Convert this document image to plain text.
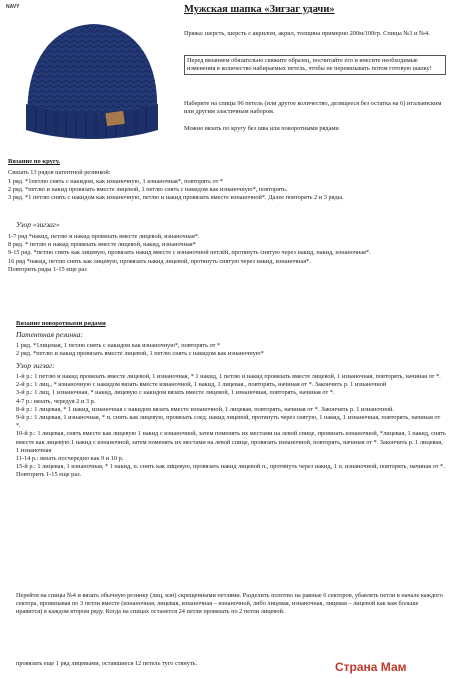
NAVY	Мужская шапка «Зигзаг удачи»

Пряжа: шерсть, шерсть с акрилом, акрил, толщина примерно 200м/100гр. Спицы №3 и №4.

Перед вязанием обязательно свяжите образец, посчитайте его и внесите необходимые изменения в количество набираемых петель, чтобы не перевязывать потом готовую шапку!

Наберите на спицы 96 петель (или другое количество, делящееся без остатка на 6) итальянским или другим эластичным набором.

Можно вязать по кругу без шва или поворотными рядами

Вязание по кругу.

Связать 13 рядов патентной резинкой:

1 ряд. *1петлю снять с накидом, как изнаночную, 1 изнаночная*, повторять от *
2 ряд. *петлю и накид провязать вместе лицевой, 1 петлю снять с накидом как изнаночную*, повторять.
3 ряд. *1 петлю снять с накидом как изнаночную, петлю и накид провязать вместе изнаночной*. Далее повторять 2 и 3 ряды.

Узор «зигзаг»

1-7 ряд *накид, петлю и накид провязать вместе лицевой, изнаночная*.
8 ряд. * петлю и накид провязать вместе лицевой, накид, изнаночная*
9-15 ряд. *петлю снять как лицевую, провязать накид вместе с изнаночной петлёй, протянуть снятую через накид, накид, изнаночная*.
16 ряд *накид, петлю снять как лицевую, провязать накид лицевой, протянуть снятую через накид, изнаночная*.
Повторить ряды 1-15 еще раз

Вязание поворотными рядами
Патентная резинка:

1 ряд. *1лицевая, 1 петлю снять с накидом как изнаночную*, повторять от *
2 ряд. *петлю и накид провязать вместе лицевой, 1 петлю снять с накидом как изнаночную*

Узор зигзаг:

1-й р.: 1 петлю и накид провязать вместе лицевой, 1 изнаночная, * 1 накид, 1 петлю и накид провязать вместе лицевой, 1 изнаночная, повторять, начиная от *.
2-й р.: 1 лиц., * изнаночную с накидом вязать вместе изнаночной, 1 накид, 1 лицевая., повторять, начиная от *. Закончить р. 1 изнаночной
3-й р.: 1 лиц, 1 изнаночная, * накид, лицевую с накидом вязать вместе лицевой, 1 изнаночная, повторять, начиная от *.
4-7 р.: вязать, чередуя 2 и 3 р.
8-й р.: 1 лицевая, * 1 накид, изнаночная с накидом вязать вместе изнаночной, 1 лицевая, повторять, начиная от *. Закончить р. 1 изнаночной.
9-й р.: 1 лицевая, 1 изнаночная, * п. снять как лицевую, провязать след. накид лицевой, протянуть через снятую, 1 накид, 1 изнаночная, повторять, начиная от *.
10-й р.: 1 лицевая, снять вместе как лицевую 1 накид с изнаночной, затем поменять их местами на левой спице, провязать изнаночной, *лицевая, 1 накид, снять вместе как лицевую 1 накид с изнаночной, затем поменять их местами на левой спице, провязать изнаночной, повторять, начиная от *. Закончить р. 1 лицевая, 1 изнаночная
11-14 р.: вязать посчередно как 9 и 10 р.
15-й р.: 1 лицевая, 1 изнаночная, * 1 накид, п. снять как лицевую, провязать накид лицевой п., протянуть через накид, 1 п. изнаночной, повторять, начиная от *.
Повторить 1-15 еще раз.

Перейти на спицы №4 и вязать обычную резинку (лиц, изн) скрещенными петлями. Разделить полотно на равные 6 секторов, убавлять петли в начале каждого сектора, провязывая по 3 петли вместе (изнаночная, лицевая, изнаночная – изнаночной, либо лицевая, изнаночная, лицевая – лицевой как вам больше нравится) в каждом втором ряду. Когда на спицах останется 24 петли провязать по 2 петли лицевой.

провязать еще 1 ряд лицевыми, оставшиеся 12 петель туго стянуть.	Страна Мам
